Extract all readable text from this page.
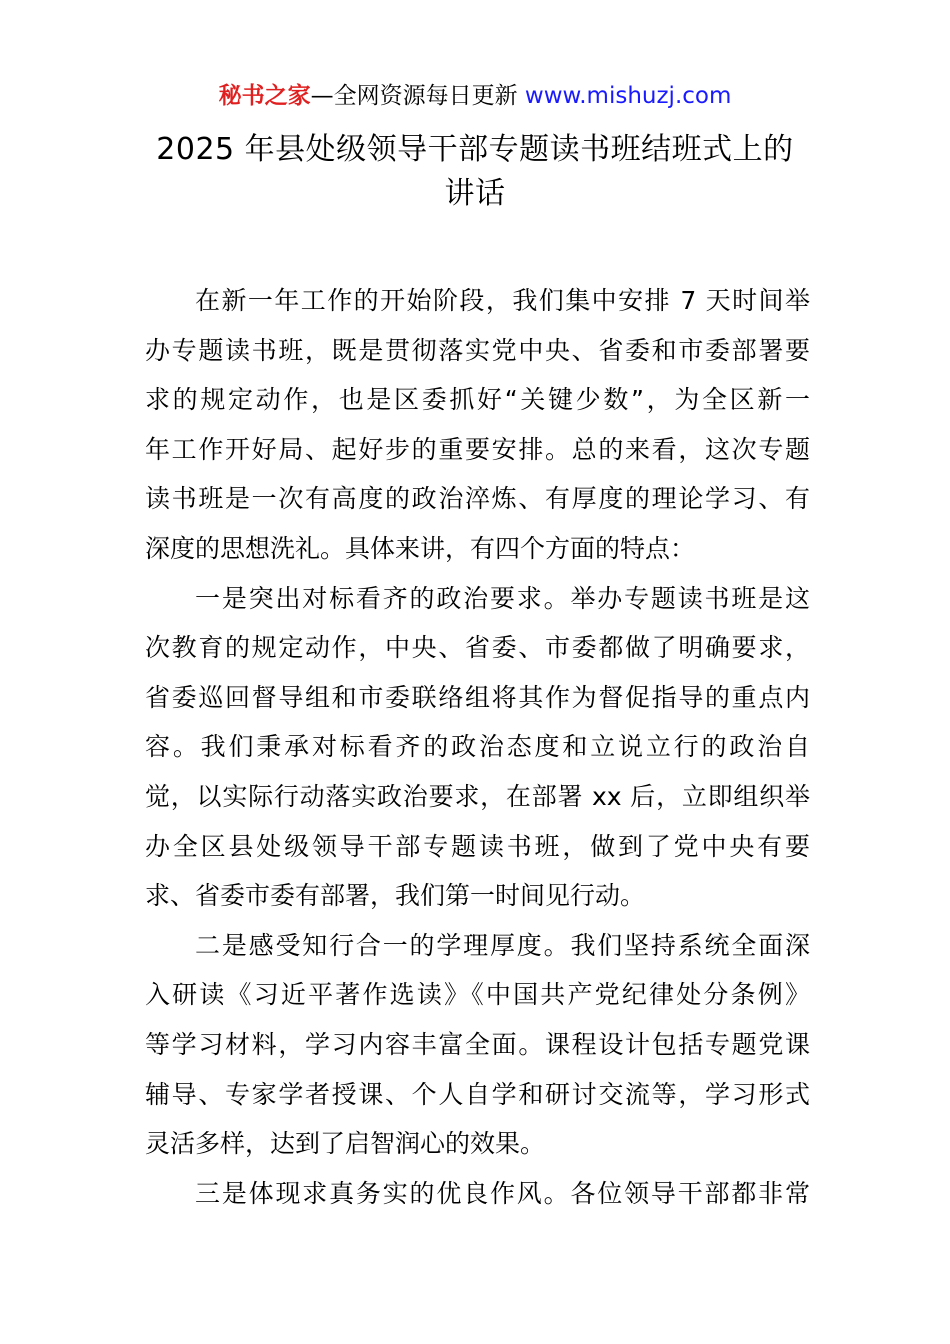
秘书之家—全网资源每日更新 www.mishuzj.com
2025 年县处级领导干部专题读书班结班式上的
讲话

在新一年工作的开始阶段，我们集中安排 7 天时间举
办专题读书班，既是贯彻落实党中央、省委和市委部署要
求的规定动作，也是区委抓好“关键少数”，为全区新一
年工作开好局、起好步的重要安排。总的来看，这次专题
读书班是一次有高度的政治淬炼、有厚度的理论学习、有
深度的思想洗礼。具体来讲，有四个方面的特点：

一是突出对标看齐的政治要求。举办专题读书班是这
次教育的规定动作，中央、省委、市委都做了明确要求，
省委巡回督导组和市委联络组将其作为督促指导的重点内
容。我们秉承对标看齐的政治态度和立说立行的政治自
觉，以实际行动落实政治要求，在部署 xx 后，立即组织举
办全区县处级领导干部专题读书班，做到了党中央有要
求、省委市委有部署，我们第一时间见行动。

二是感受知行合一的学理厚度。我们坚持系统全面深
入研读《习近平著作选读》《中国共产党纪律处分条例》
等学习材料，学习内容丰富全面。课程设计包括专题党课
辅导、专家学者授课、个人自学和研讨交流等，学习形式
灵活多样，达到了启智润心的效果。

三是体现求真务实的优良作风。各位领导干部都非常
